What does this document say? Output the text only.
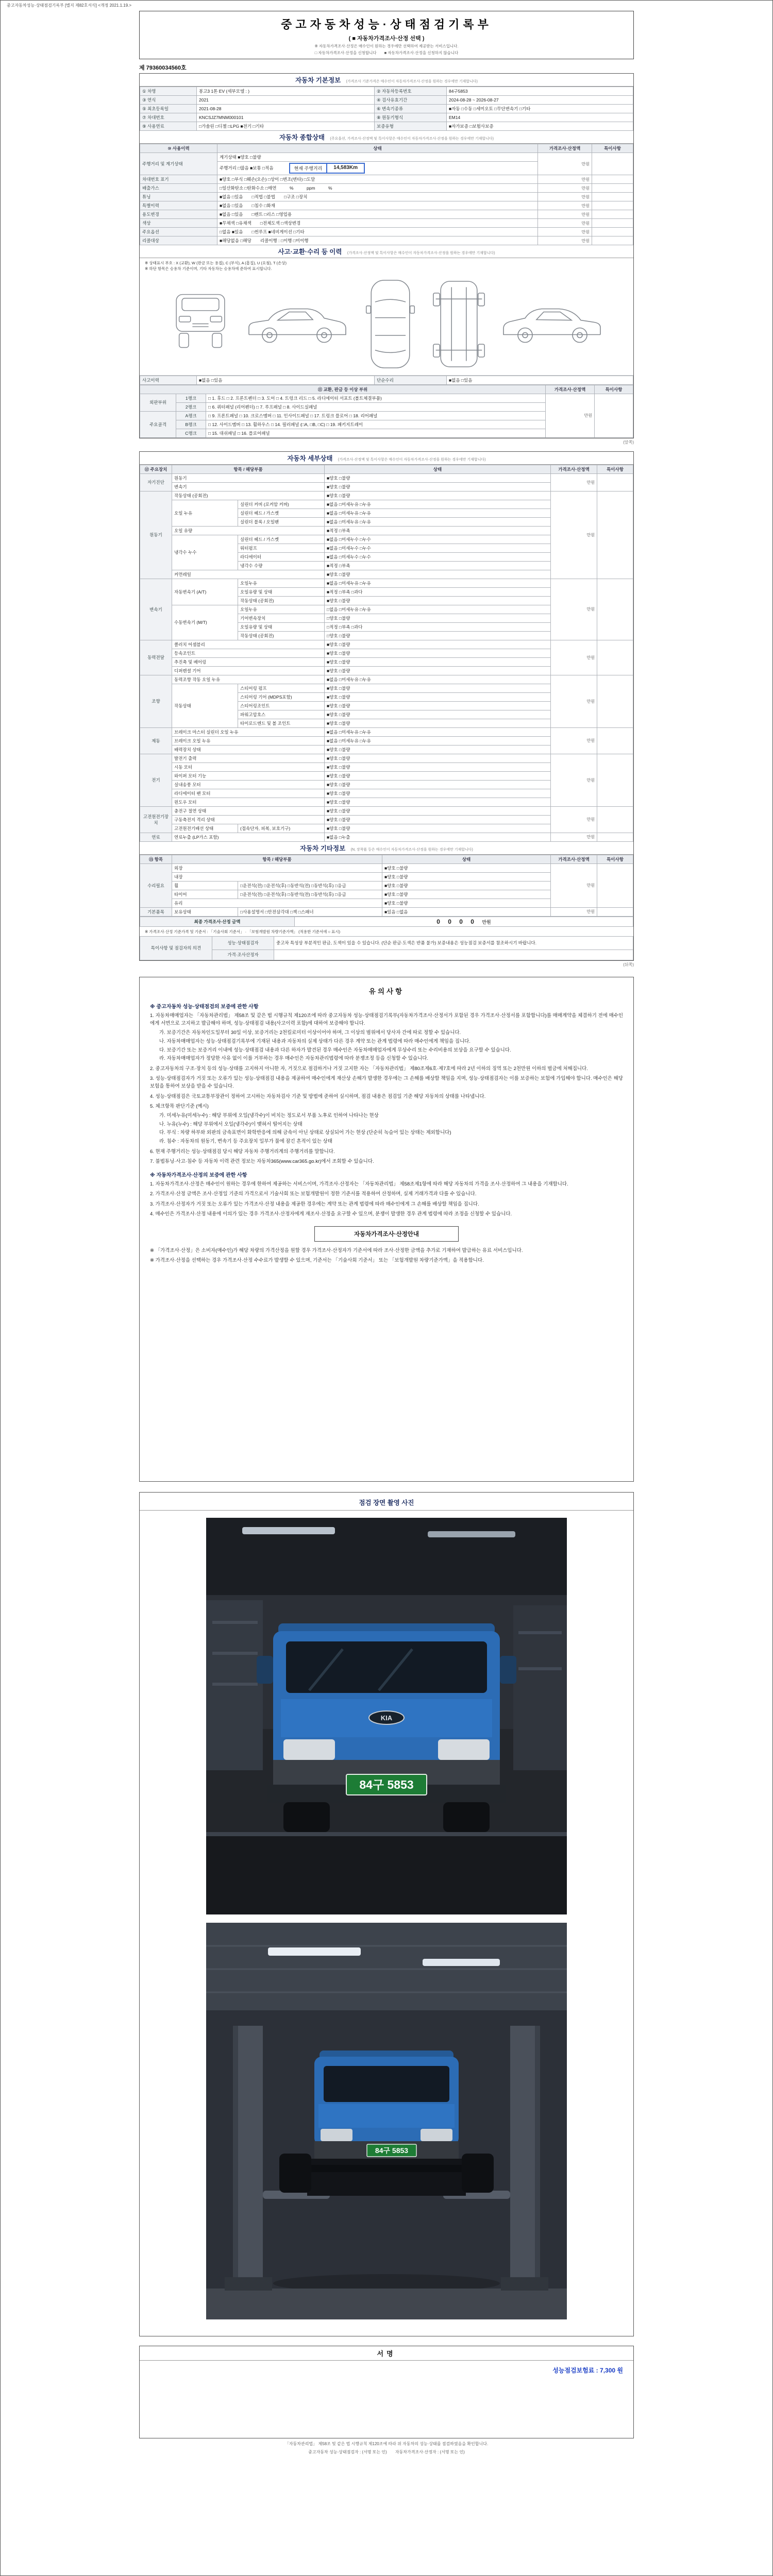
중고자동차성능·상태점검기록부 [별지 제82호서식] <개정 2021.1.19.>
중고자동차성능·상태점검기록부
( ■ 자동차가격조사·산정 선택 )
※ 자동차가격조사·산정은 매수인이 원하는 경우에만 선택하여 제공받는 서비스입니다.
□ 자동차가격조사·산정을 신청합니다　　■ 자동차가격조사·산정을 신청하지 않습니다
제 79360034560호
자동차 기본정보 (가격조사 기준가격은 매수인이 자동차가격조사·산정을 원하는 경우에만 기재합니다)
① 차명	봉고3 1톤 EV (세부모델 : )	② 자동차등록번호	84구5853
③ 연식	2021	④ 검사유효기간	2024-08-28 ~ 2026-08-27
⑤ 최초등록일	2021-08-28	⑥ 변속기종류	■자동 □수동 □세미오토 □무단변속기 □기타
⑦ 차대번호	KNCSJZ7MNM000101	⑧ 원동기형식	EM14
⑨ 사용연료	□가솔린 □디젤 □LPG ■전기 □기타	보증유형	■자가보증 □보험사보증
자동차 종합상태 (주요옵션, 가격조사·산정액 및 특이사항은 매수인이 자동차가격조사·산정을 원하는 경우에만 기재합니다)
⑩ 사용이력	상태	가격조사·산정액	특이사항
주행거리 및 계기상태	계기상태 ■양호 □불량	만원	
	주행거리 □많음 ■보통 □적음 현재 주행거리 14,583Km		

차대번호 표기	■양호 □부식 □훼손(오손) □상이 □변조(변타) □도말	만원	
배출가스	□일산화탄소 □탄화수소 □매연　　　%　　　ppm　　　%	만원	
튜닝	■없음 □있음　　□적법 □불법　　□구조 □장치	만원	
특별이력	■없음 □있음　　□침수 □화재	만원	
용도변경	■없음 □있음　　□렌트 □리스 □영업용	만원	
색상	■무채색 □유채색　　□전체도색 □색상변경	만원	
주요옵션	□없음 ■있음　　□썬루프 ■네비게이션 □기타	만원	
리콜대상	■해당없음 □해당　　리콜이행 : □이행 □미이행	만원	
사고·교환·수리 등 이력 (가격조사·산정액 및 특이사항은 매수인이 자동차가격조사·산정을 원하는 경우에만 기재합니다)
※ 상태표시 부호 : X (교환), W (판금 또는 용접), C (부식), A (흠집), U (요철), T (손상)
※ 하단 항목은 승용차 기준이며, 기타 자동차는 승용차에 준하여 표시합니다.
사고이력	■없음 □있음	단순수리	■없음 □있음
⑪ 교환, 판금 등 이상 부위			가격조사·산정액	특이사항
외판부위	1랭크	□ 1. 후드 □ 2. 프론트펜더 □ 3. 도어 □ 4. 트렁크 리드 □ 5. 라디에이터 서포트 (볼트체결부품)	만원	
	2랭크	□ 6. 쿼터패널 (리어펜더) □ 7. 루프패널 □ 8. 사이드실패널		
주요골격	A랭크	□ 9. 프론트패널 □ 10. 크로스멤버 □ 11. 인사이드패널 □ 17. 트렁크 플로어 □ 18. 리어패널		
	B랭크	□ 12. 사이드멤버 □ 13. 휠하우스 □ 14. 필러패널 (□A, □B, □C) □ 19. 패키지트레이		
	C랭크	□ 15. 대쉬패널 □ 16. 플로어패널		
(앞쪽)
자동차 세부상태 (가격조사·산정액 및 특이사항은 매수인이 자동차가격조사·산정을 원하는 경우에만 기재합니다)
⑫ 주요장치	항목 / 해당부품		상태	가격조사·산정액	특이사항
자기진단	원동기		■양호 □불량	만원	
	변속기		■양호 □불량		
원동기	작동상태 (공회전)		■양호 □불량	만원	
	오일 누유	실린더 커버 (로커암 커버)	■없음 □미세누유 □누유		
		실린더 헤드 / 가스켓	■없음 □미세누유 □누유		
		실린더 블록 / 오일팬	■없음 □미세누유 □누유		
	오일 유량		■적정 □부족		
	냉각수 누수	실린더 헤드 / 가스켓	■없음 □미세누수 □누수		
		워터펌프	■없음 □미세누수 □누수		
		라디에이터	■없음 □미세누수 □누수		
		냉각수 수량	■적정 □부족		
	커먼레일		■양호 □불량		
변속기	자동변속기 (A/T)	오일누유	■없음 □미세누유 □누유	만원	
		오일유량 및 상태	■적정 □부족 □과다		
		작동상태 (공회전)	■양호 □불량		
	수동변속기 (M/T)	오일누유	□없음 □미세누유 □누유		
		기어변속장치	□양호 □불량		
		오일유량 및 상태	□적정 □부족 □과다		
		작동상태 (공회전)	□양호 □불량		
동력전달	클러치 어셈블리		■양호 □불량	만원	
	등속조인트		■양호 □불량		
	추진축 및 베어링		■양호 □불량		
	디퍼렌셜 기어		■양호 □불량		
조향	동력조향 작동 오일 누유		■없음 □미세누유 □누유	만원	
	작동상태	스티어링 펌프	■양호 □불량		
		스티어링 기어 (MDPS포함)	■양호 □불량		
		스티어링조인트	■양호 □불량		
		파워고압호스	■양호 □불량		
		타이로드엔드 및 볼 조인트	■양호 □불량		
제동	브레이크 마스터 실린더 오일 누유		■없음 □미세누유 □누유	만원	
	브레이크 오일 누유		■없음 □미세누유 □누유		
	배력장치 상태		■양호 □불량		
전기	발전기 출력		■양호 □불량	만원	
	시동 모터		■양호 □불량		
	와이퍼 모터 기능		■양호 □불량		
	실내송풍 모터		■양호 □불량		
	라디에이터 팬 모터		■양호 □불량		
	윈도우 모터		■양호 □불량		
고전원전기장치	충전구 절연 상태		■양호 □불량	만원	
	구동축전지 격리 상태		■양호 □불량		
	고전원전기배선 상태	(접속단자, 피복, 보호기구)	■양호 □불량		
연료	연료누출 (LP가스 포함)		■없음 □누출	만원	
자동차 기타정보 (N, 장착품 등은 매수인이 자동차가격조사·산정을 원하는 경우에만 기재합니다)
⑬ 항목	항목 / 해당부품		상태	가격조사·산정액	특이사항
수리필요	외장		■양호 □불량	만원	
	내장		■양호 □불량		
	휠	□운전석(전) □운전석(후) □동반석(전) □동반석(후) □응급	■양호 □불량		
	타이어	□운전석(전) □운전석(후) □동반석(전) □동반석(후) □응급	■양호 □불량		
	유리		■양호 □불량		
기본품목	보유상태	□사용설명서 □안전삼각대 □잭 □스패너	■있음 □없음	만원	
최종 가격조사·산정 금액	0 0 0 0 만원
※ 가격조사·산정 기준가격 및 기준서 : 「기술사회 기준서」 · 「보험개발원 차량기준가액」 (적용한 기준서에 ○ 표시)
특이사항 및 점검자의 의견	성능·상태점검자	중고차 특성상 부분적인 판금, 도색이 있을 수 있습니다. (단순 판금·도색은 반품 불가) 보증내용은 성능점검 보증서를 참조하시기 바랍니다.
	가격·조사산정자	
(뒤쪽)
유의사항
※ 중고자동차 성능·상태점검의 보증에 관한 사항
1. 자동차매매업자는 「자동차관리법」 제58조 및 같은 법 시행규칙 제120조에 따라 중고자동차 성능·상태점검기록부(자동차가격조사·산정서가 포함된 경우 가격조사·산정서를 포함합니다)를 매매계약을 체결하기 전에 매수인에게 서면으로 고지하고 발급해야 하며, 성능·상태점검 내용(사고이력 포함)에 대하여 보증해야 합니다.
가. 보증기간은 자동차인도일부터 30일 이상, 보증거리는 2천킬로미터 이상이어야 하며, 그 이상의 범위에서 당사자 간에 따로 정할 수 있습니다.
나. 자동차매매업자는 성능·상태점검기록부에 기재된 내용과 자동차의 실제 상태가 다른 경우 계약 또는 관계 법령에 따라 매수인에게 책임을 집니다.
다. 보증기간 또는 보증거리 이내에 성능·상태점검 내용과 다른 하자가 발견된 경우 매수인은 자동차매매업자에게 무상수리 또는 수리비용의 보상을 요구할 수 있습니다.
라. 자동차매매업자가 정당한 사유 없이 이를 거부하는 경우 매수인은 자동차관리법령에 따라 분쟁조정 등을 신청할 수 있습니다.
2. 중고자동차의 구조·장치 등의 성능·상태를 고지하지 아니한 자, 거짓으로 점검하거나 거짓 고지한 자는 「자동차관리법」 제80조제6호·제7호에 따라 2년 이하의 징역 또는 2천만원 이하의 벌금에 처해집니다.
3. 성능·상태점검자가 거짓 또는 오류가 있는 성능·상태점검 내용을 제공하여 매수인에게 재산상 손해가 발생한 경우에는 그 손해를 배상할 책임을 지며, 성능·상태점검자는 이를 보증하는 보험에 가입해야 합니다. 매수인은 해당 보험을 통하여 보상을 받을 수 있습니다.
4. 성능·상태점검은 국토교통부장관이 정하여 고시하는 자동차검사 기준 및 방법에 준하여 실시하며, 점검 내용은 점검일 기준 해당 자동차의 상태를 나타냅니다.
5. 체크항목 판단기준 (예시)
가. 미세누유(미세누수) : 해당 부위에 오일(냉각수)이 비치는 정도로서 부품 노후로 인하여 나타나는 현상
나. 누유(누수) : 해당 부위에서 오일(냉각수)이 맺혀서 떨어지는 상태
다. 부식 : 차량 하부와 외판의 금속표면이 화학반응에 의해 금속이 아닌 상태로 상실되어 가는 현상 (단순히 녹슬어 있는 상태는 제외합니다)
라. 침수 : 자동차의 원동기, 변속기 등 주요장치 일부가 물에 잠긴 흔적이 있는 상태
6. 현재 주행거리는 성능·상태점검 당시 해당 자동차 주행거리계의 주행거리를 말합니다.
7. 불법튜닝·사고·침수 등 자동차 이력 관련 정보는 자동차365(www.car365.go.kr)에서 조회할 수 있습니다.
※ 자동차가격조사·산정의 보증에 관한 사항
1. 자동차가격조사·산정은 매수인이 원하는 경우에 한하여 제공하는 서비스이며, 가격조사·산정자는 「자동차관리법」 제58조제1항에 따라 해당 자동차의 가격을 조사·산정하여 그 내용을 기재합니다.
2. 가격조사·산정 금액은 조사·산정일 기준의 가격으로서 기술사회 또는 보험개발원이 정한 기준서를 적용하여 산정하며, 실제 거래가격과 다를 수 있습니다.
3. 가격조사·산정자가 거짓 또는 오류가 있는 가격조사·산정 내용을 제공한 경우에는 계약 또는 관계 법령에 따라 매수인에게 그 손해를 배상할 책임을 집니다.
4. 매수인은 가격조사·산정 내용에 이의가 있는 경우 가격조사·산정자에게 재조사·산정을 요구할 수 있으며, 분쟁이 발생한 경우 관계 법령에 따라 조정을 신청할 수 있습니다.
자동차가격조사·산정안내
※ 「가격조사·산정」은 소비자(매수인)가 해당 차량의 가격산정을 원할 경우 가격조사·산정자가 기준서에 따라 조사·산정한 금액을 추가로 기재하여 발급하는 유료 서비스입니다.
※ 가격조사·산정을 선택하는 경우 가격조사·산정 수수료가 발생할 수 있으며, 기준서는 「기술사회 기준서」 또는 「보험개발원 차량기준가액」을 적용합니다.
점검 장면 촬영 사진
KIA
84구 5853
84구 5853
서명
성능점검보험료 : 7,300 원
「자동차관리법」 제58조 및 같은 법 시행규칙 제120조에 따라 위 자동차의 성능·상태를 점검하였음을 확인합니다.
중고자동차 성능·상태점검자 : (서명 또는 인)　　자동차가격조사·산정자 : (서명 또는 인)
